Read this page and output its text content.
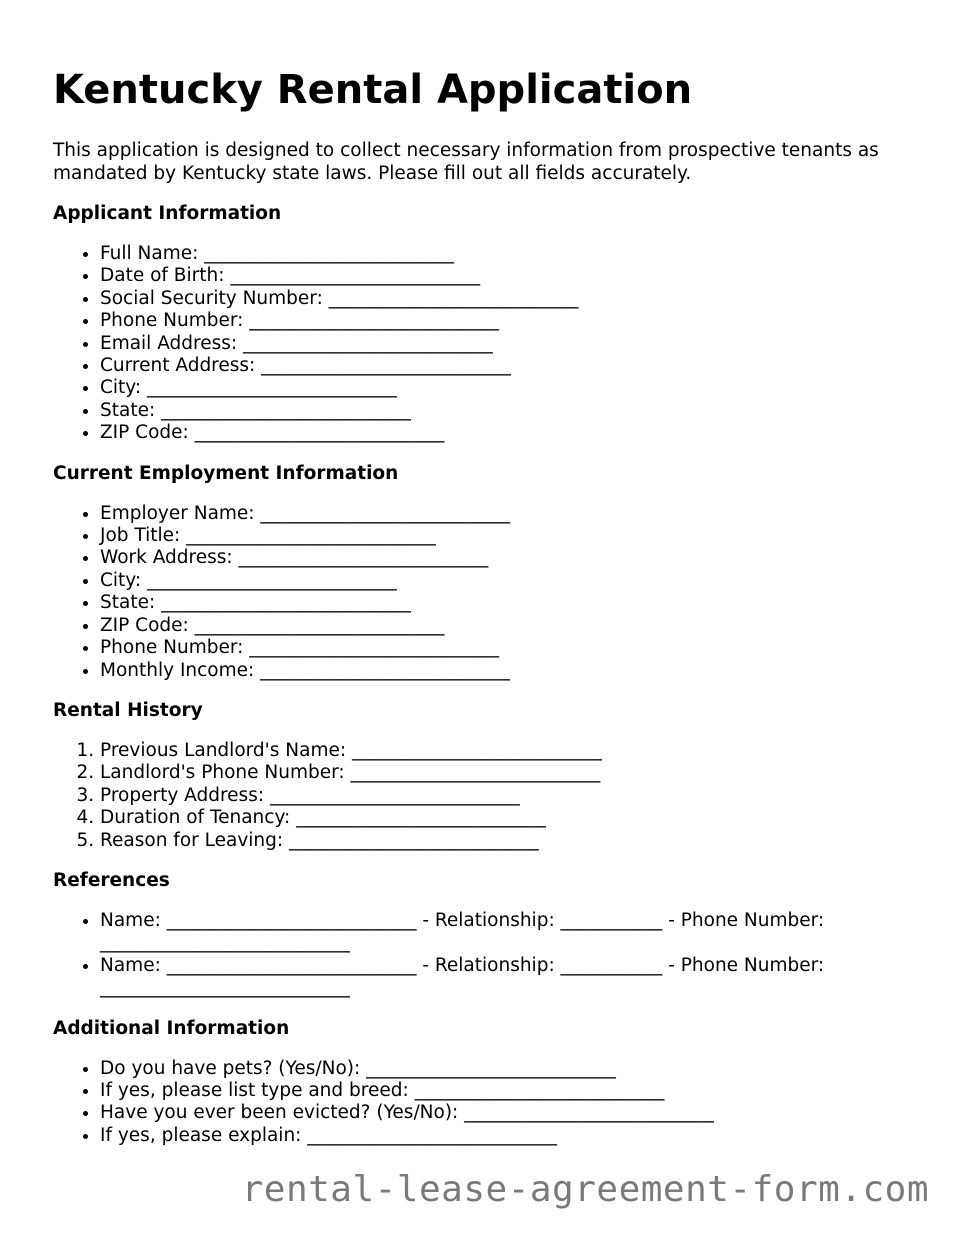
Kentucky Rental Application

This application is designed to collect necessary information from prospective tenants as mandated by Kentucky state laws. Please fill out all fields accurately.

Applicant Information
• Full Name: ___________________________
• Date of Birth: ___________________________
• Social Security Number: ___________________________
• Phone Number: ___________________________
• Email Address: ___________________________
• Current Address: ___________________________
• City: ___________________________
• State: ___________________________
• ZIP Code: ___________________________
Current Employment Information
• Employer Name: ___________________________
• Job Title: ___________________________
• Work Address: ___________________________
• City: ___________________________
• State: ___________________________
• ZIP Code: ___________________________
• Phone Number: ___________________________
• Monthly Income: ___________________________
Rental History
1. Previous Landlord's Name: ___________________________
2. Landlord's Phone Number: ___________________________
3. Property Address: ___________________________
4. Duration of Tenancy: ___________________________
5. Reason for Leaving: ___________________________
References
• Name: ___________________________ - Relationship: ___________ - Phone Number: ___________________________
• Name: ___________________________ - Relationship: ___________ - Phone Number: ___________________________
Additional Information
• Do you have pets? (Yes/No): ___________________________
• If yes, please list type and breed: ___________________________
• Have you ever been evicted? (Yes/No): ___________________________
• If yes, please explain: ___________________________
rental-lease-agreement-form.com
